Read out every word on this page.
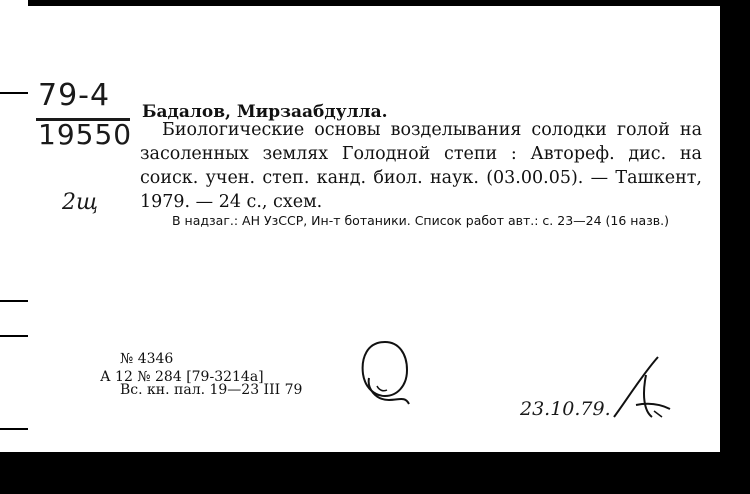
79-4
19550
2щ
Бадалов, Мирзаабдулла.
Биологические основы возделывания солодки голой на засоленных землях Голодной степи : Автореф. дис. на соиск. учен. степ. канд. биол. наук. (03.00.05). — Ташкент, 1979. — 24 с., схем.
В надзаг.: АН УзССР, Ин-т ботаники. Список работ авт.: с. 23—24 (16 назв.)
№ 4346
А 12 № 284 [79-3214а]
Вс. кн. пал. 19—23 III 79
23.10.79.
